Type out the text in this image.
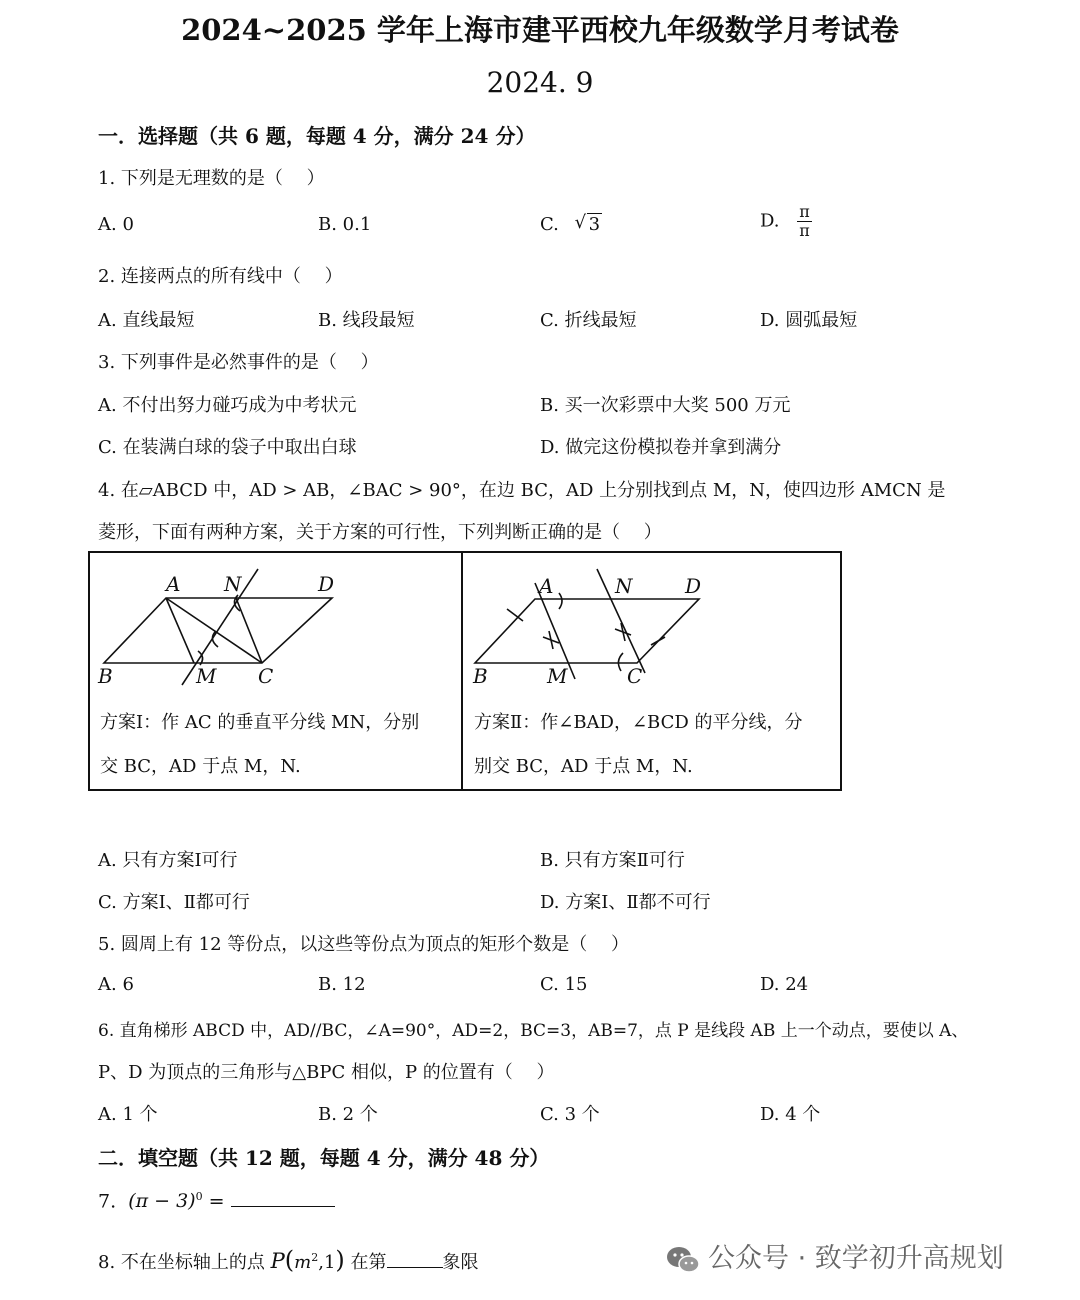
2024~2025 学年上海市建平西校九年级数学月考试卷
2024. 9
一．选择题（共 6 题，每题 4 分，满分 24 分）
1. 下列是无理数的是（　 ）
A. 0	B. 0.1	C. √ 3	D. $\frac{\pi}{\pi}$
2. 连接两点的所有线中（　 ）
A. 直线最短	B. 线段最短	C. 折线最短	D. 圆弧最短
3. 下列事件是必然事件的是（　 ）
A. 不付出努力碰巧成为中考状元	B. 买一次彩票中大奖 500 万元
C. 在装满白球的袋子中取出白球	D. 做完这份模拟卷并拿到满分
4. 在▱ABCD 中，AD > AB，∠BAC > 90°，在边 BC，AD 上分别找到点 M，N，使四边形 AMCN 是
菱形，下面有两种方案，关于方案的可行性，下列判断正确的是（　 ）
A N	D
B	M C
A	N	D
B	M	C
方案Ⅰ：作 AC 的垂直平分线 MN，分别
交 BC，AD 于点 M，N.
方案Ⅱ：作∠BAD，∠BCD 的平分线，分
别交 BC，AD 于点 M，N.
A. 只有方案Ⅰ可行	B. 只有方案Ⅱ可行
C. 方案Ⅰ、Ⅱ都可行	D. 方案Ⅰ、Ⅱ都不可行
5. 圆周上有 12 等份点，以这些等份点为顶点的矩形个数是（　 ）
A. 6	B. 12	C. 15	D. 24
6. 直角梯形 ABCD 中，AD//BC，∠A=90°，AD=2，BC=3，AB=7，点 P 是线段 AB 上一个动点，要使以 A、
P、D 为顶点的三角形与△BPC 相似，P 的位置有（　 ）
A. 1 个	B. 2 个	C. 3 个	D. 4 个
二．填空题（共 12 题，每题 4 分，满分 48 分）
7. $(\pi - 3)^0$ =
8. 不在坐标轴上的点 $P(m^2,1)$ 在第	象限	公众号 · 致学初升高规划
